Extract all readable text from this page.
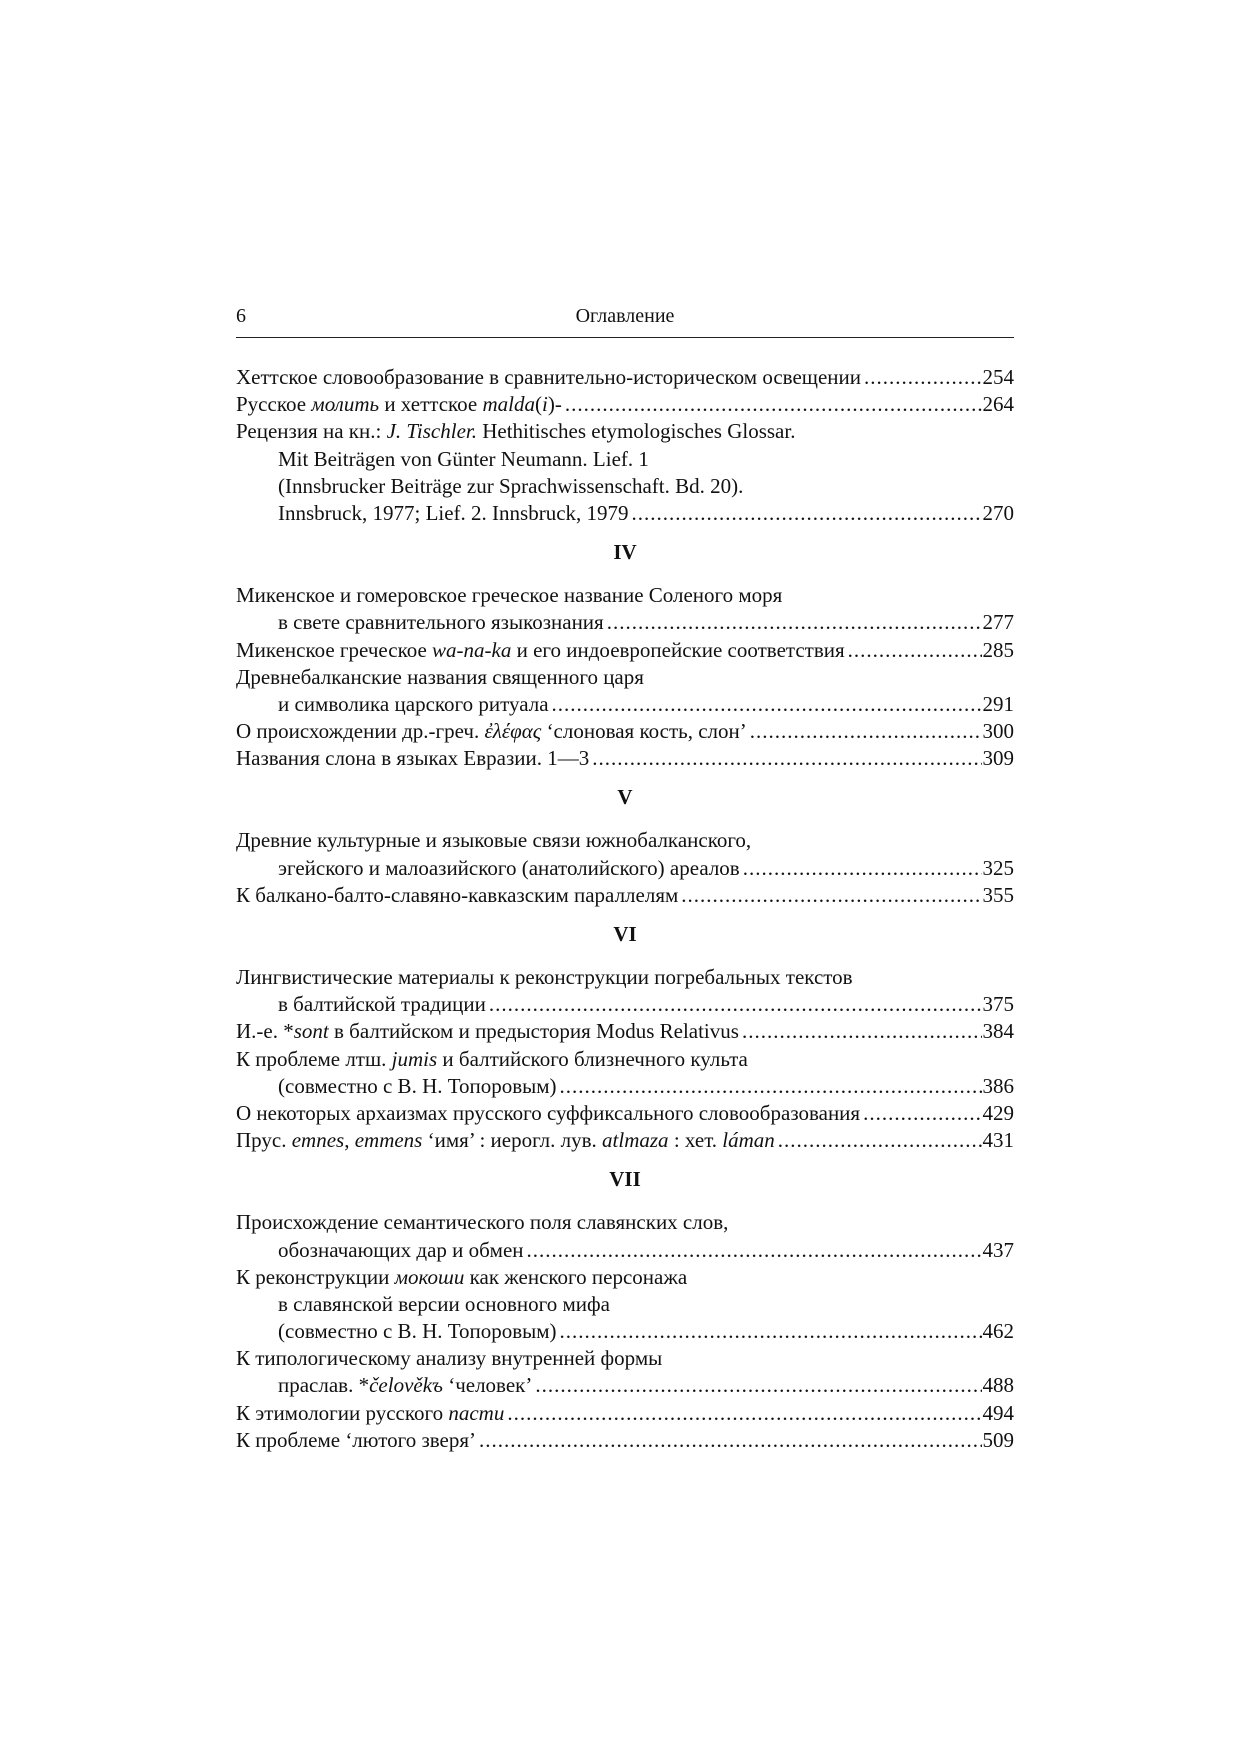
6	Оглавление
Хеттское словообразование в сравнительно-историческом освещении .....	254
Русское молить и хеттское malda(i)- .....	264
Рецензия на кн.: J. Tischler. Hethitisches etymologisches Glossar.
Mit Beiträgen von Günter Neumann. Lief. 1
(Innsbrucker Beiträge zur Sprachwissenschaft. Bd. 20).
Innsbruck, 1977; Lief. 2. Innsbruck, 1979 .....	270
IV
Микенское и гомеровское греческое название Соленого моря
в свете сравнительного языкознания .....	277
Микенское греческое wa-na-ka и его индоевропейские соответствия .....	285
Древнебалканские названия священного царя
и символика царского ритуала .....	291
О происхождении др.-греч. ἐλέφας ‘слоновая кость, слон’ .....	300
Названия слона в языках Евразии. 1—3 .....	309
V
Древние культурные и языковые связи южнобалканского,
эгейского и малоазийского (анатолийского) ареалов .....	325
К балкано-балто-славяно-кавказским параллелям .....	355
VI
Лингвистические материалы к реконструкции погребальных текстов
в балтийской традиции .....	375
И.-е. *sont в балтийском и предыстория Modus Relativus .....	384
К проблеме лтш. jumis и балтийского близнечного культа
(совместно с В. Н. Топоровым) .....	386
О некоторых архаизмах прусского суффиксального словообразования .....	429
Прус. emnes, emmens ‘имя’ : иерогл. лув. atlmaza : хет. láman .....	431
VII
Происхождение семантического поля славянских слов,
обозначающих дар и обмен .....	437
К реконструкции мокоши как женского персонажа
в славянской версии основного мифа
(совместно с В. Н. Топоровым) .....	462
К типологическому анализу внутренней формы
праслав. *čelověkъ ‘человек’ .....	488
К этимологии русского пасти .....	494
К проблеме ‘лютого зверя’ .....	509
